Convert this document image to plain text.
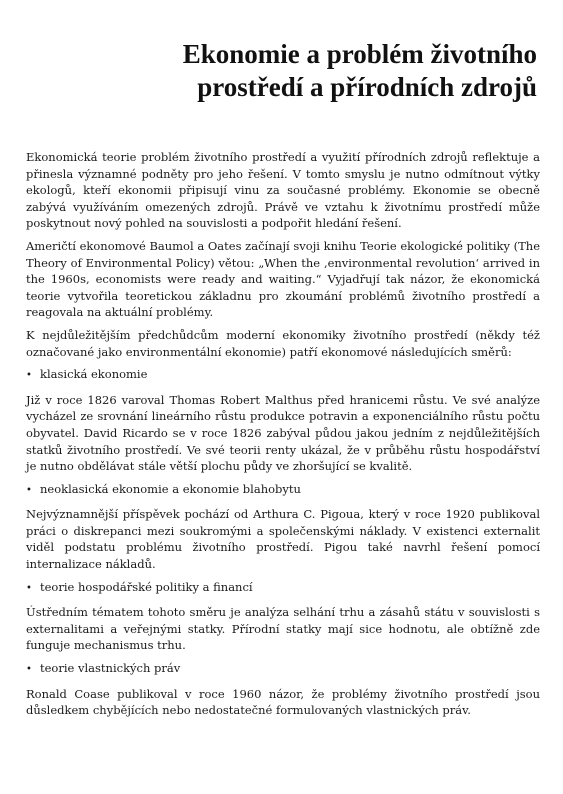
Ekonomie a problém životního
prostředí a přírodních zdrojů

Ekonomická teorie problém životního prostředí a využití přírodních zdrojů reflektuje a přinesla významné podněty pro jeho řešení. V tomto smyslu je nutno odmítnout výtky ekologů, kteří ekonomii připisují vinu za současné problémy. Ekonomie se obecně zabývá využíváním omezených zdrojů. Právě ve vztahu k životnímu prostředí může poskytnout nový pohled na souvislosti a podpořit hledání řešení.

Američtí ekonomové Baumol a Oates začínají svoji knihu Teorie ekologické politiky (The Theory of Environmental Policy) větou: „When the ‚environmental revolution‘ arrived in the 1960s, economists were ready and waiting.“ Vyjadřují tak názor, že ekonomická teorie vytvořila teoretickou základnu pro zkoumání problémů životního prostředí a reagovala na aktuální problémy.

K nejdůležitějším předchůdcům moderní ekonomiky životního prostředí (někdy též označované jako environmentální ekonomie) patří ekonomové následujících směrů:

• klasická ekonomie

Již v roce 1826 varoval Thomas Robert Malthus před hranicemi růstu. Ve své analýze vycházel ze srovnání lineárního růstu produkce potravin a exponenciálního růstu počtu obyvatel. David Ricardo se v roce 1826 zabýval půdou jakou jedním z nejdůležitějších statků životního prostředí. Ve své teorii renty ukázal, že v průběhu růstu hospodářství je nutno obdělávat stále větší plochu půdy ve zhoršující se kvalitě.

• neoklasická ekonomie a ekonomie blahobytu

Nejvýznamnější příspěvek pochází od Arthura C. Pigoua, který v roce 1920 publikoval práci o diskrepanci mezi soukromými a společenskými náklady. V existenci externalit viděl podstatu problému životního prostředí. Pigou také navrhl řešení pomocí internalizace nákladů.

• teorie hospodářské politiky a financí

Ústředním tématem tohoto směru je analýza selhání trhu a zásahů státu v souvislosti s externalitami a veřejnými statky. Přírodní statky mají sice hodnotu, ale obtížně zde funguje mechanismus trhu.

• teorie vlastnických práv

Ronald Coase publikoval v roce 1960 názor, že problémy životního prostředí jsou důsledkem chybějících nebo nedostatečné formulovaných vlastnických práv.
